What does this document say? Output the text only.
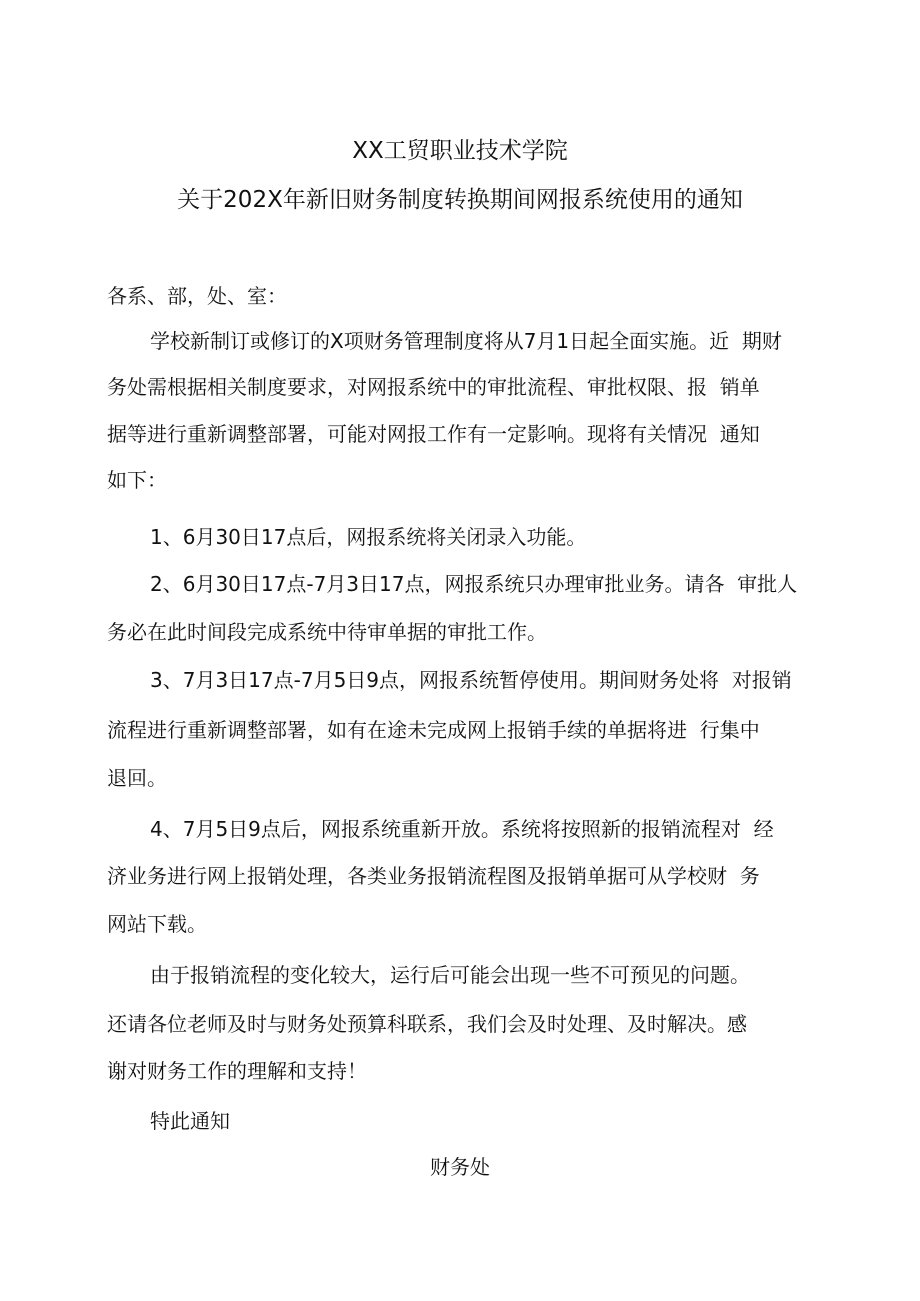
XX工贸职业技术学院
关于202X年新旧财务制度转换期间网报系统使用的通知
各系、部，处、室：
学校新制订或修订的X项财务管理制度将从7月1日起全面实施。近  期财
务处需根据相关制度要求，对网报系统中的审批流程、审批权限、报  销单
据等进行重新调整部署，可能对网报工作有一定影响。现将有关情况  通知
如下：
1、6月30日17点后，网报系统将关闭录入功能。
2、6月30日17点-7月3日17点，网报系统只办理审批业务。请各  审批人
务必在此时间段完成系统中待审单据的审批工作。
3、7月3日17点-7月5日9点，网报系统暂停使用。期间财务处将  对报销
流程进行重新调整部署，如有在途未完成网上报销手续的单据将进  行集中
退回。
4、7月5日9点后，网报系统重新开放。系统将按照新的报销流程对  经
济业务进行网上报销处理，各类业务报销流程图及报销单据可从学校财  务
网站下载。
由于报销流程的变化较大，运行后可能会出现一些不可预见的问题。
还请各位老师及时与财务处预算科联系，我们会及时处理、及时解决。感
谢对财务工作的理解和支持！
特此通知
财务处
